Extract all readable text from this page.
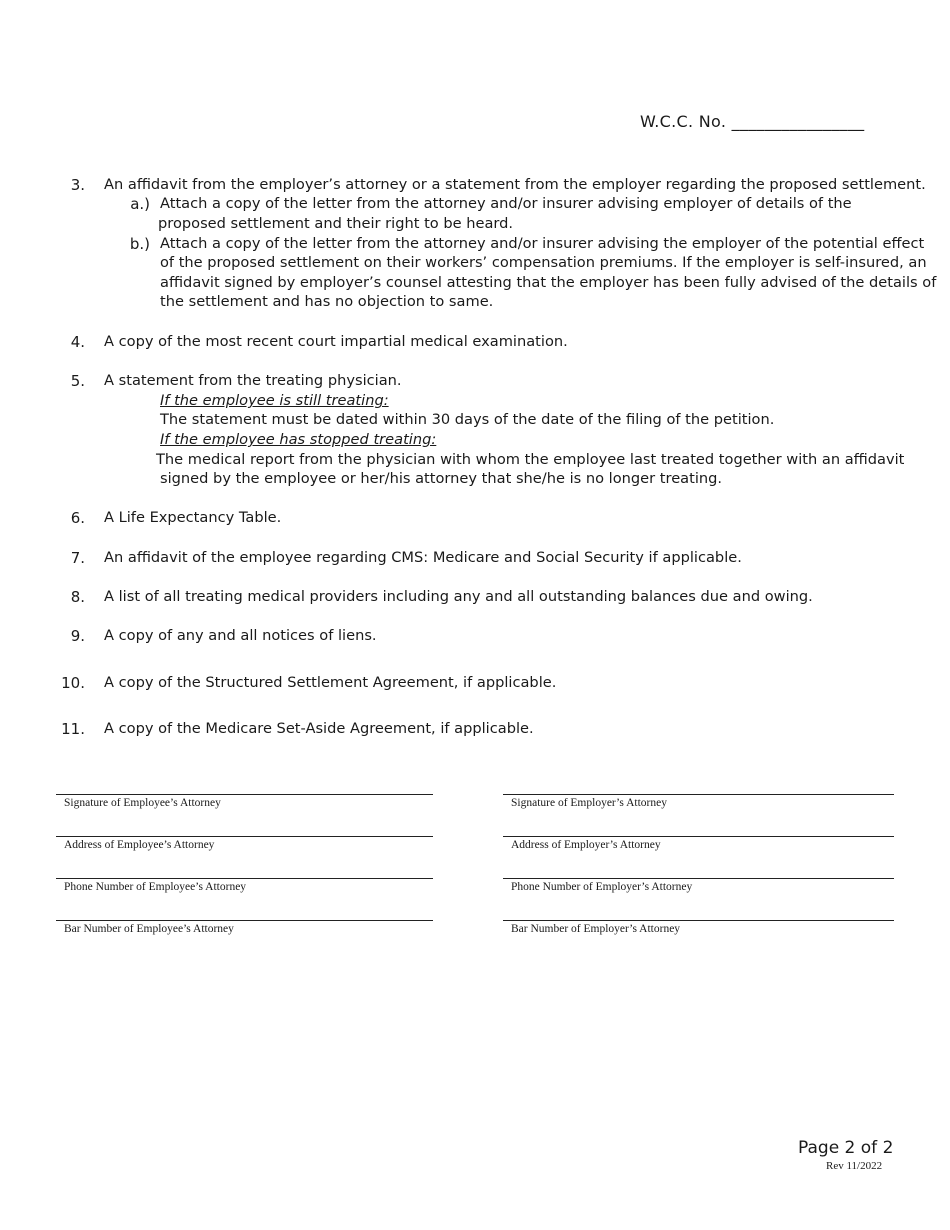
W.C.C. No. ________________
3. An affidavit from the employer’s attorney or a statement from the employer regarding the proposed settlement.
a.) Attach a copy of the letter from the attorney and/or insurer advising employer of details of the
proposed settlement and their right to be heard.
b.) Attach a copy of the letter from the attorney and/or insurer advising the employer of the potential effect
of the proposed settlement on their workers’ compensation premiums. If the employer is self-insured, an
affidavit signed by employer’s counsel attesting that the employer has been fully advised of the details of
the settlement and has no objection to same.
4. A copy of the most recent court impartial medical examination.
5. A statement from the treating physician.
If the employee is still treating:
The statement must be dated within 30 days of the date of the filing of the petition.
If the employee has stopped treating:
The medical report from the physician with whom the employee last treated together with an affidavit
signed by the employee or her/his attorney that she/he is no longer treating.
6. A Life Expectancy Table.
7. An affidavit of the employee regarding CMS: Medicare and Social Security if applicable.
8. A list of all treating medical providers including any and all outstanding balances due and owing.
9. A copy of any and all notices of liens.
10. A copy of the Structured Settlement Agreement, if applicable.
11. A copy of the Medicare Set-Aside Agreement, if applicable.
Signature of Employee’s Attorney
Address of Employee’s Attorney
Phone Number of Employee’s Attorney
Bar Number of Employee’s Attorney
Signature of Employer’s Attorney
Address of Employer’s Attorney
Phone Number of Employer’s Attorney
Bar Number of Employer’s Attorney
Page 2 of 2
Rev 11/2022
